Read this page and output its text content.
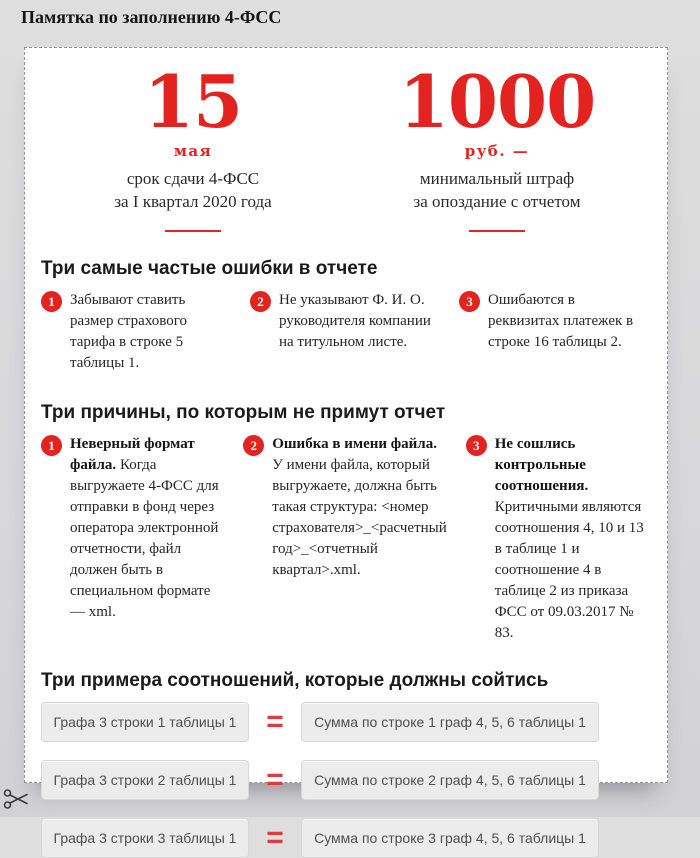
Памятка по заполнению 4-ФСС
15
мая
срок сдачи 4-ФСС
за I квартал 2020 года
1000
руб. —
минимальный штраф
за опоздание с отчетом
Три самые частые ошибки в отчете
1	Забывают ставить размер страхового тарифа в строке 5 таблицы 1.
2	Не указывают Ф. И. О. руководителя компании на титульном листе.
3	Ошибаются в реквизитах платежек в строке 16 таблицы 2.
Три причины, по которым не примут отчет
1	Неверный формат файла. Когда выгружаете 4-ФСС для отправки в фонд через оператора электронной отчетности, файл должен быть в специальном формате — xml.
2	Ошибка в имени файла. У имени файла, который выгружаете, должна быть такая структура: <номер страхователя>_<расчетный год>_<отчетный квартал>.xml.
3	Не сошлись контрольные соотношения. Критичными являются соотношения 4, 10 и 13 в таблице 1 и соотношение 4 в таблице 2 из приказа ФСС от 09.03.2017 № 83.
Три примера соотношений, которые должны сойтись
Графа 3 строки 1 таблицы 1 =	Сумма по строке 1 граф 4, 5, 6 таблицы 1
Графа 3 строки 2 таблицы 1 =	Сумма по строке 2 граф 4, 5, 6 таблицы 1
Графа 3 строки 3 таблицы 1 =	Сумма по строке 3 граф 4, 5, 6 таблицы 1
